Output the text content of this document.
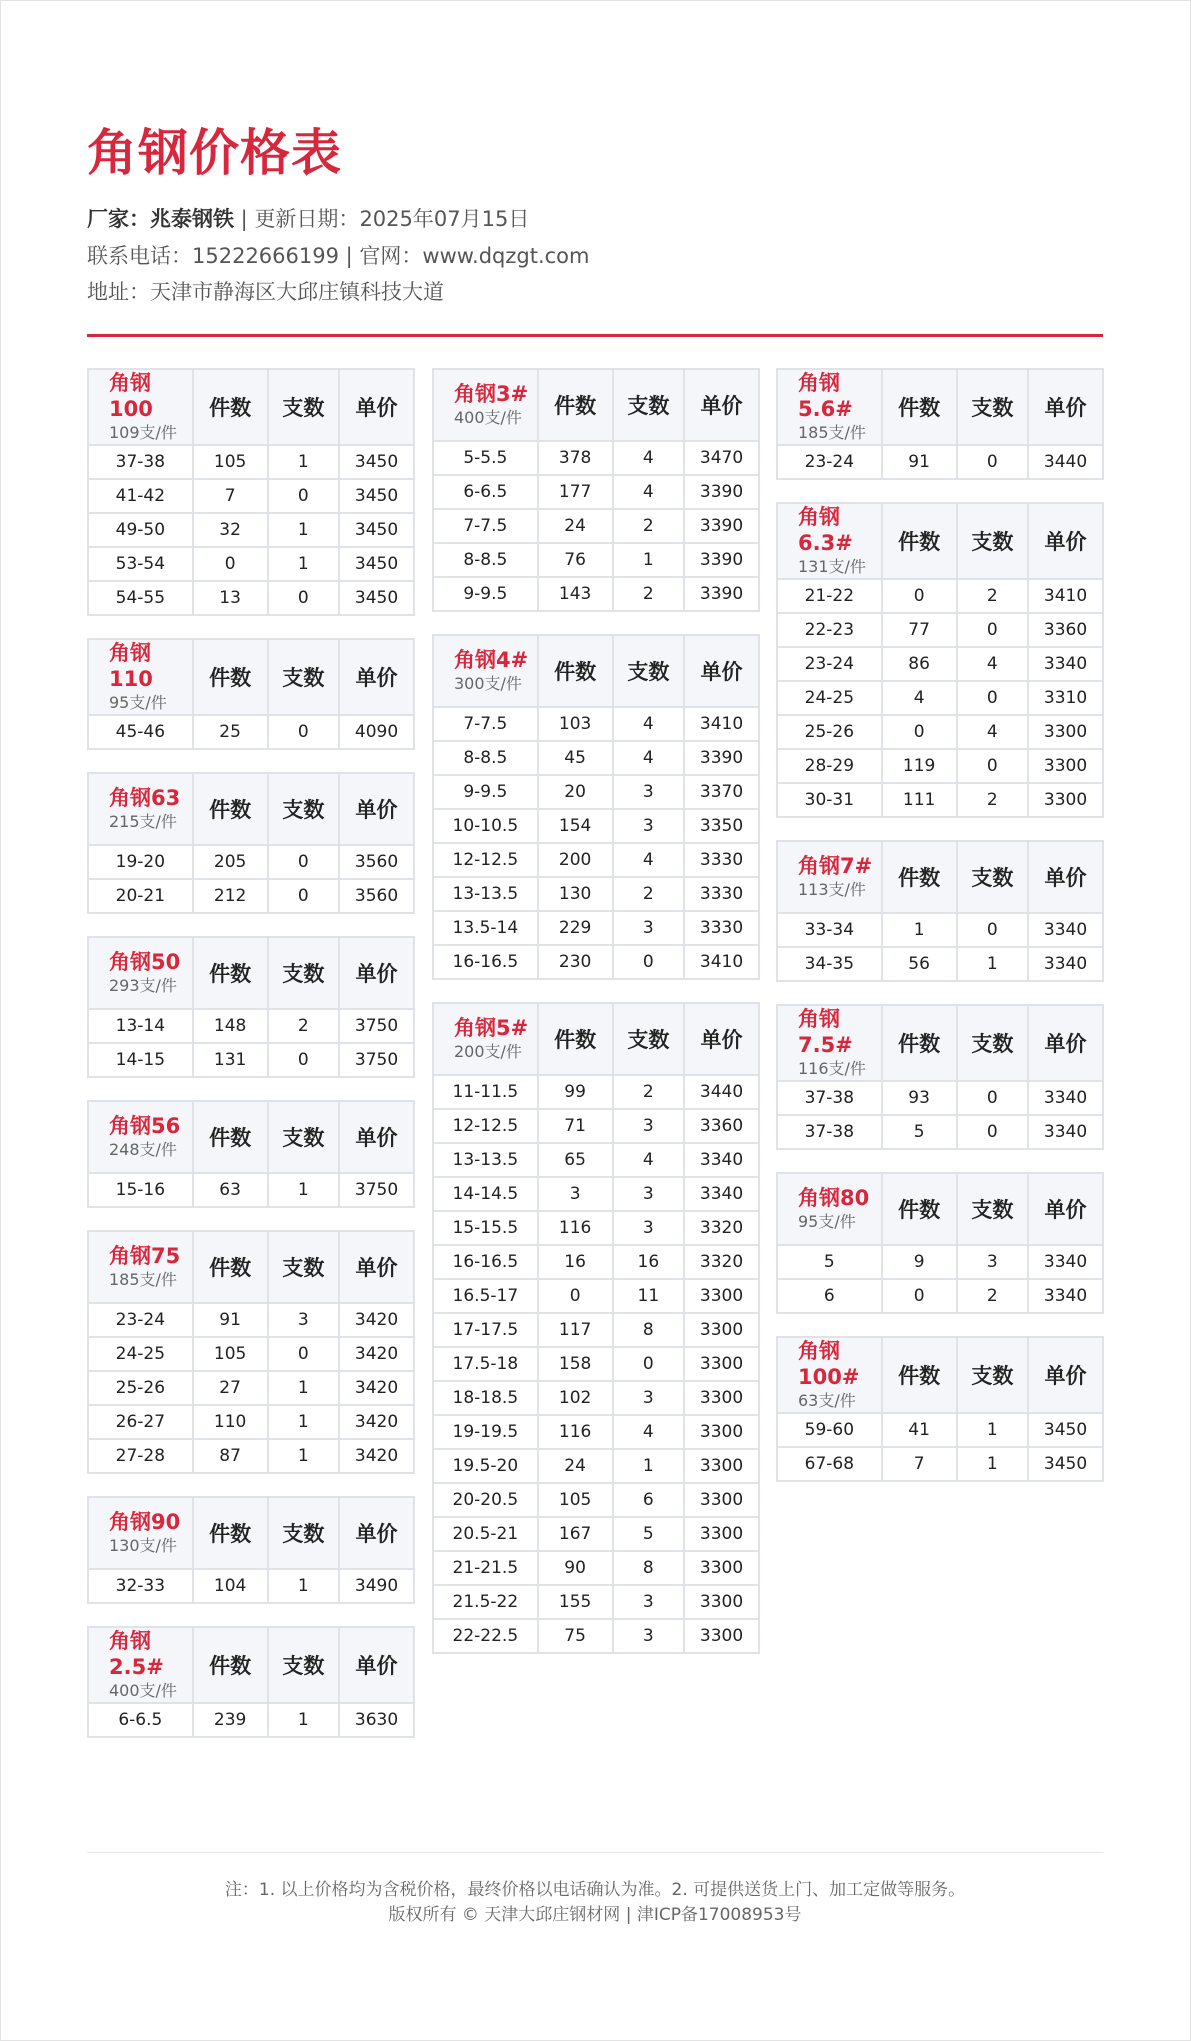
角钢价格表
厂家：兆泰钢铁 | 更新日期：2025年07月15日
联系电话：15222666199 | 官网：www.dqzgt.com
地址：天津市静海区大邱庄镇科技大道
角钢100
109支/件	件数	支数	单价
37-38	105	1	3450
41-42	7	0	3450
49-50	32	1	3450
53-54	0	1	3450
54-55	13	0	3450
角钢110
95支/件	件数	支数	单价
45-46	25	0	4090
角钢63
215支/件	件数	支数	单价
19-20	205	0	3560
20-21	212	0	3560
角钢50
293支/件	件数	支数	单价
13-14	148	2	3750
14-15	131	0	3750
角钢56
248支/件	件数	支数	单价
15-16	63	1	3750
角钢75
185支/件	件数	支数	单价
23-24	91	3	3420
24-25	105	0	3420
25-26	27	1	3420
26-27	110	1	3420
27-28	87	1	3420
角钢90
130支/件	件数	支数	单价
32-33	104	1	3490
角钢2.5#
400支/件	件数	支数	单价
6-6.5	239	1	3630
角钢3#
400支/件	件数	支数	单价
5-5.5	378	4	3470
6-6.5	177	4	3390
7-7.5	24	2	3390
8-8.5	76	1	3390
9-9.5	143	2	3390
角钢4#
300支/件	件数	支数	单价
7-7.5	103	4	3410
8-8.5	45	4	3390
9-9.5	20	3	3370
10-10.5	154	3	3350
12-12.5	200	4	3330
13-13.5	130	2	3330
13.5-14	229	3	3330
16-16.5	230	0	3410
角钢5#
200支/件	件数	支数	单价
11-11.5	99	2	3440
12-12.5	71	3	3360
13-13.5	65	4	3340
14-14.5	3	3	3340
15-15.5	116	3	3320
16-16.5	16	16	3320
16.5-17	0	11	3300
17-17.5	117	8	3300
17.5-18	158	0	3300
18-18.5	102	3	3300
19-19.5	116	4	3300
19.5-20	24	1	3300
20-20.5	105	6	3300
20.5-21	167	5	3300
21-21.5	90	8	3300
21.5-22	155	3	3300
22-22.5	75	3	3300
角钢5.6#
185支/件	件数	支数	单价
23-24	91	0	3440
角钢6.3#
131支/件	件数	支数	单价
21-22	0	2	3410
22-23	77	0	3360
23-24	86	4	3340
24-25	4	0	3310
25-26	0	4	3300
28-29	119	0	3300
30-31	111	2	3300
角钢7#
113支/件	件数	支数	单价
33-34	1	0	3340
34-35	56	1	3340
角钢7.5#
116支/件	件数	支数	单价
37-38	93	0	3340
37-38	5	0	3340
角钢80
95支/件	件数	支数	单价
5	9	3	3340
6	0	2	3340
角钢100#
63支/件	件数	支数	单价
59-60	41	1	3450
67-68	7	1	3450
注：1. 以上价格均为含税价格，最终价格以电话确认为准。2. 可提供送货上门、加工定做等服务。
版权所有 © 天津大邱庄钢材网 | 津ICP备17008953号
